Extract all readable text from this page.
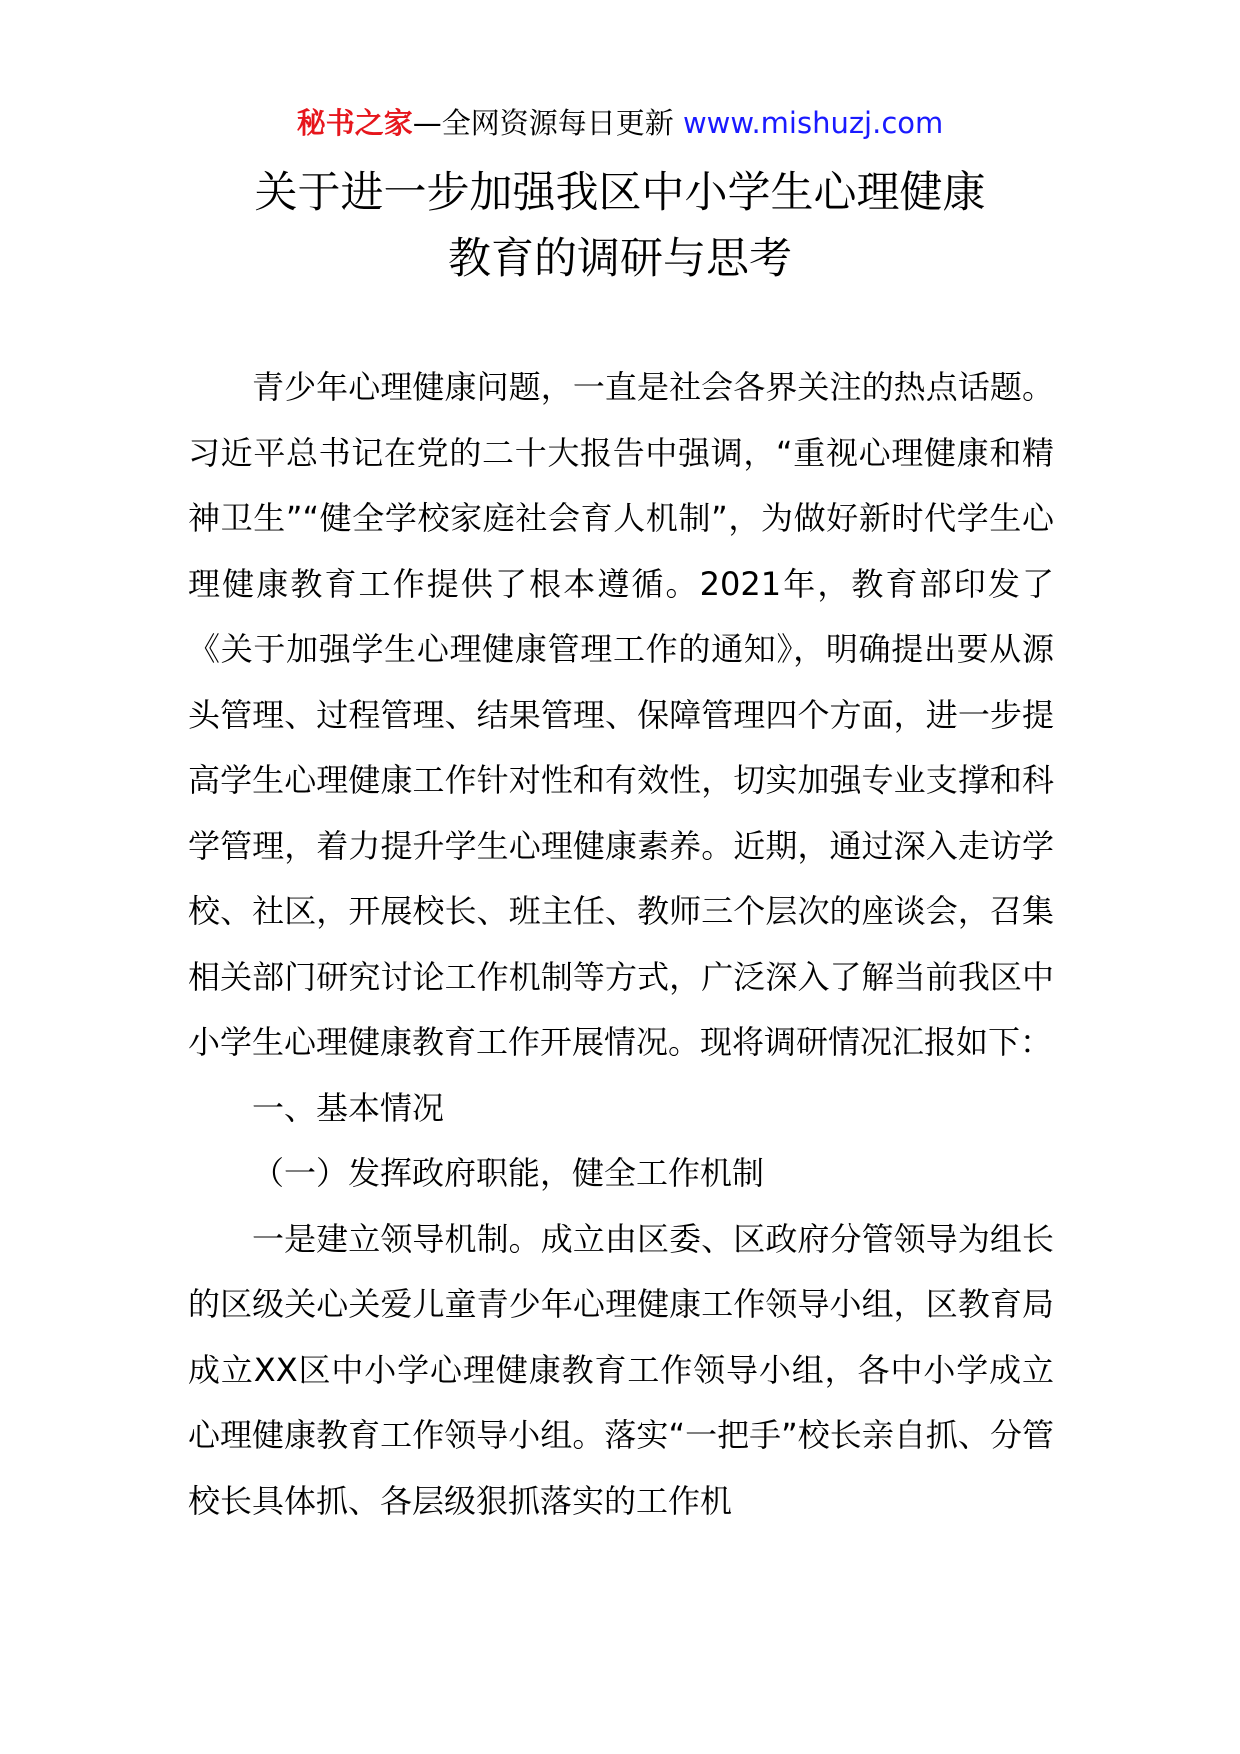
秘书之家—全网资源每日更新 www.mishuzj.com
关于进一步加强我区中小学生心理健康
教育的调研与思考

青少年心理健康问题，一直是社会各界关注的热点话题。习近平总书记在党的二十大报告中强调，“重视心理健康和精神卫生”“健全学校家庭社会育人机制”，为做好新时代学生心理健康教育工作提供了根本遵循。2021年，教育部印发了《关于加强学生心理健康管理工作的通知》，明确提出要从源头管理、过程管理、结果管理、保障管理四个方面，进一步提高学生心理健康工作针对性和有效性，切实加强专业支撑和科学管理，着力提升学生心理健康素养。近期，通过深入走访学校、社区，开展校长、班主任、教师三个层次的座谈会，召集相关部门研究讨论工作机制等方式，广泛深入了解当前我区中小学生心理健康教育工作开展情况。现将调研情况汇报如下：

一、基本情况

（一）发挥政府职能，健全工作机制

一是建立领导机制。成立由区委、区政府分管领导为组长的区级关心关爱儿童青少年心理健康工作领导小组，区教育局成立XX区中小学心理健康教育工作领导小组，各中小学成立心理健康教育工作领导小组。落实“一把手”校长亲自抓、分管校长具体抓、各层级狠抓落实的工作机
